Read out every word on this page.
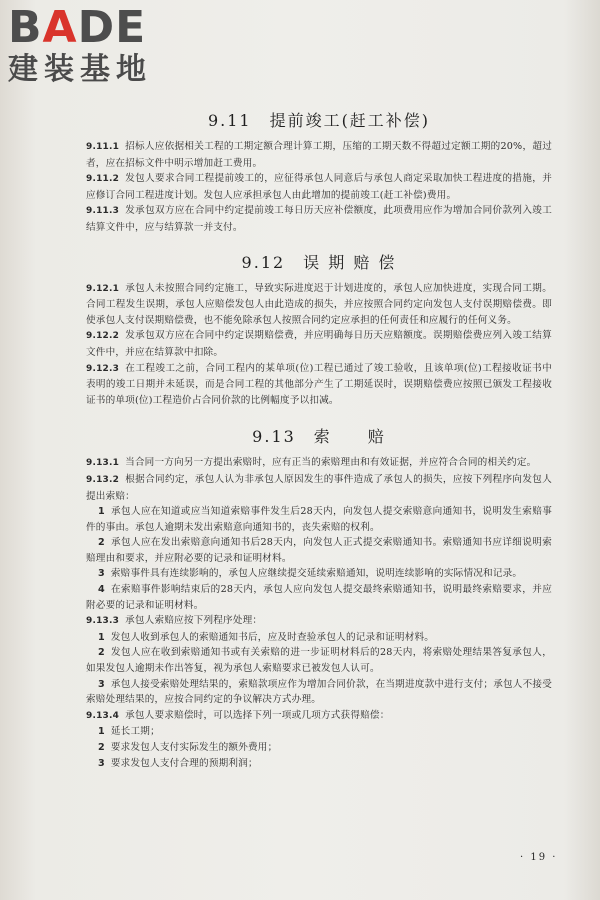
BADE
建装基地
9.11　提前竣工(赶工补偿)

9.11.1 招标人应依据相关工程的工期定额合理计算工期，压缩的工期天数不得超过定额工期的20%，超过者，应在招标文件中明示增加赶工费用。

9.11.2 发包人要求合同工程提前竣工的，应征得承包人同意后与承包人商定采取加快工程进度的措施，并应修订合同工程进度计划。发包人应承担承包人由此增加的提前竣工(赶工补偿)费用。

9.11.3 发承包双方应在合同中约定提前竣工每日历天应补偿额度，此项费用应作为增加合同价款列入竣工结算文件中，应与结算款一并支付。

9.12　误 期 赔 偿

9.12.1 承包人未按照合同约定施工，导致实际进度迟于计划进度的，承包人应加快进度，实现合同工期。合同工程发生误期，承包人应赔偿发包人由此造成的损失，并应按照合同约定向发包人支付误期赔偿费。即使承包人支付误期赔偿费，也不能免除承包人按照合同约定应承担的任何责任和应履行的任何义务。

9.12.2 发承包双方应在合同中约定误期赔偿费，并应明确每日历天应赔额度。误期赔偿费应列入竣工结算文件中，并应在结算款中扣除。

9.12.3 在工程竣工之前，合同工程内的某单项(位)工程已通过了竣工验收，且该单项(位)工程接收证书中表明的竣工日期并未延误，而是合同工程的其他部分产生了工期延误时，误期赔偿费应按照已颁发工程接收证书的单项(位)工程造价占合同价款的比例幅度予以扣减。

9.13　索　　赔

9.13.1 当合同一方向另一方提出索赔时，应有正当的索赔理由和有效证据，并应符合合同的相关约定。

9.13.2 根据合同约定，承包人认为非承包人原因发生的事件造成了承包人的损失，应按下列程序向发包人提出索赔：

1 承包人应在知道或应当知道索赔事件发生后28天内，向发包人提交索赔意向通知书，说明发生索赔事件的事由。承包人逾期未发出索赔意向通知书的，丧失索赔的权利。

2 承包人应在发出索赔意向通知书后28天内，向发包人正式提交索赔通知书。索赔通知书应详细说明索赔理由和要求，并应附必要的记录和证明材料。

3 索赔事件具有连续影响的，承包人应继续提交延续索赔通知，说明连续影响的实际情况和记录。

4 在索赔事件影响结束后的28天内，承包人应向发包人提交最终索赔通知书，说明最终索赔要求，并应附必要的记录和证明材料。

9.13.3 承包人索赔应按下列程序处理：

1 发包人收到承包人的索赔通知书后，应及时查验承包人的记录和证明材料。

2 发包人应在收到索赔通知书或有关索赔的进一步证明材料后的28天内，将索赔处理结果答复承包人，如果发包人逾期未作出答复，视为承包人索赔要求已被发包人认可。

3 承包人接受索赔处理结果的，索赔款项应作为增加合同价款，在当期进度款中进行支付；承包人不接受索赔处理结果的，应按合同约定的争议解决方式办理。

9.13.4 承包人要求赔偿时，可以选择下列一项或几项方式获得赔偿：

1 延长工期；

2 要求发包人支付实际发生的额外费用；

3 要求发包人支付合理的预期利润；

· 19 ·
